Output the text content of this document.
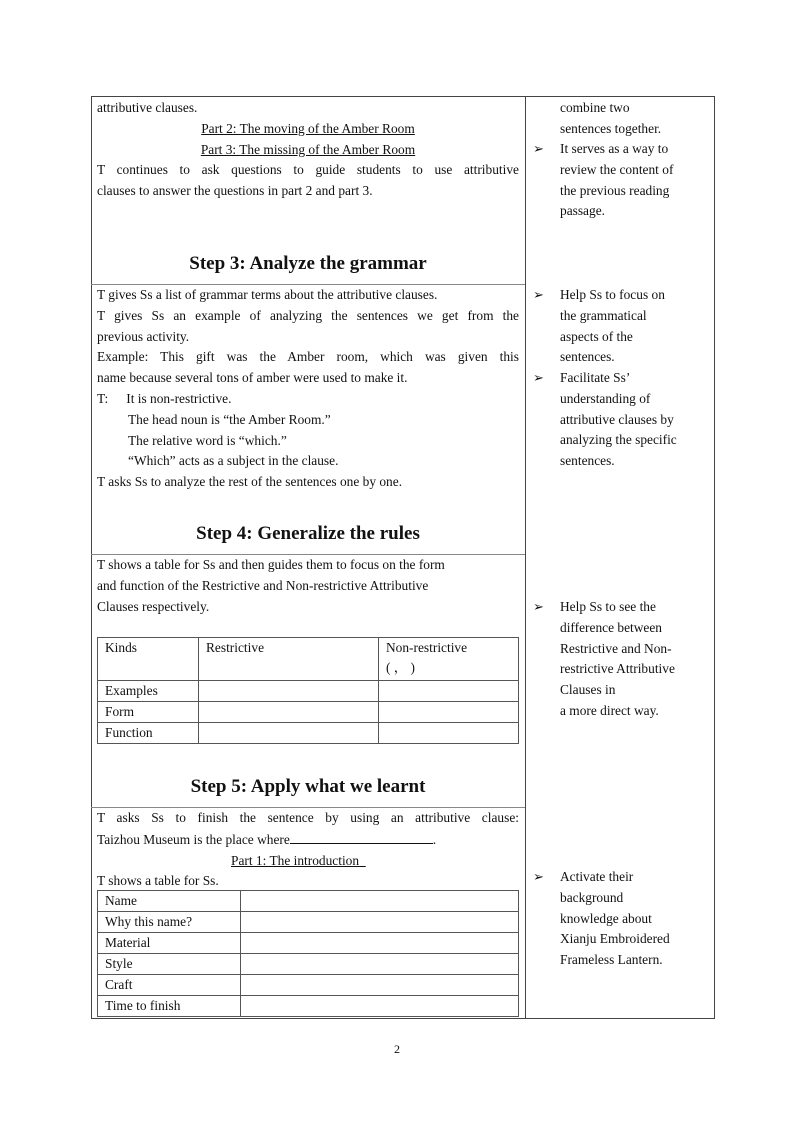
attributive clauses.
Part 2: The moving of the Amber Room
Part 3: The missing of the Amber Room
T continues to ask questions to guide students to use attributive
clauses to answer the questions in part 2 and part 3.
Step 3: Analyze the grammar
T gives Ss a list of grammar terms about the attributive clauses.
T gives Ss an example of analyzing the sentences we get from the
previous activity.
Example: This gift was the Amber room, which was given this
name because several tons of amber were used to make it.
T: It is non-restrictive.
The head noun is “the Amber Room.”
The relative word is “which.”
“Which” acts as a subject in the clause.
T asks Ss to analyze the rest of the sentences one by one.
Step 4: Generalize the rules
T shows a table for Ss and then guides them to focus on the form
and function of the Restrictive and Non-restrictive Attributive
Clauses respectively.
Kinds	Restrictive	Non-restrictive
( ， )

Examples		
Form		
Function		
Step 5: Apply what we learnt
T asks Ss to finish the sentence by using an attributive clause:
Taizhou Museum is the place where	.
Part 1: The introduction
T shows a table for Ss.
Name	
Why this name?	
Material	
Style	
Craft	
Time to finish	
combine two
sentences together.
➢	It serves as a way to
review the content of
the previous reading
passage.
➢	Help Ss to focus on
the grammatical
aspects of the
sentences.
➢	Facilitate Ss’
understanding of
attributive clauses by
analyzing the specific
sentences.
➢	Help Ss to see the
difference between
Restrictive and Non-
restrictive Attributive
Clauses in
a more direct way.
➢	Activate their
background
knowledge about
Xianju Embroidered
Frameless Lantern.
2
